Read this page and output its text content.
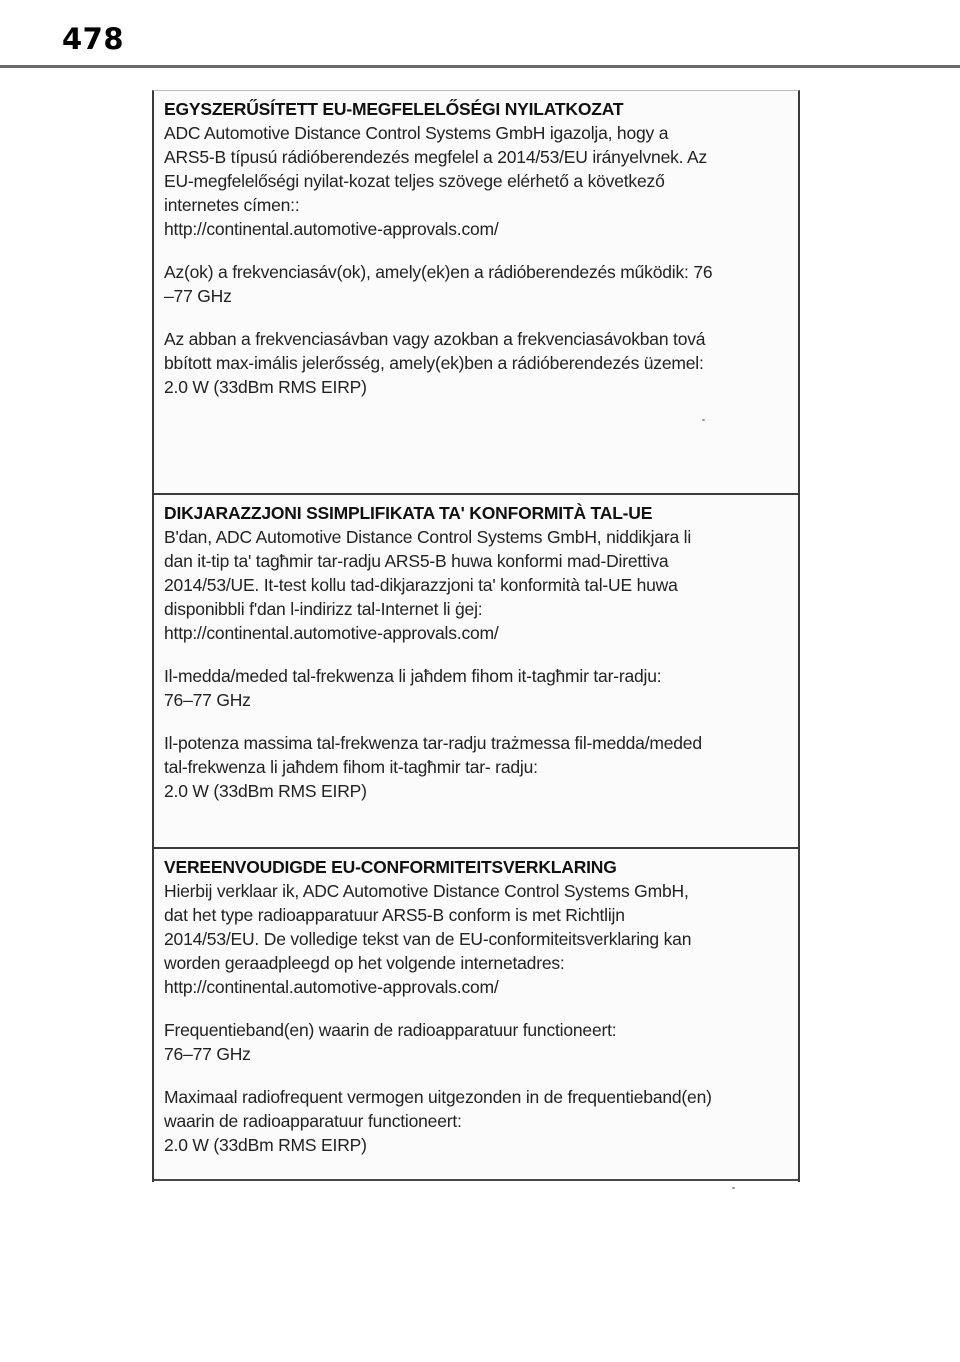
478
EGYSZERŰSÍTETT EU-MEGFELELŐSÉGI NYILATKOZAT
ADC Automotive Distance Control Systems GmbH igazolja, hogy a
ARS5-B típusú rádióberendezés megfelel a 2014/53/EU irányelvnek. Az
EU-megfelelőségi nyilat-kozat teljes szövege elérhető a következő
internetes címen::
http://continental.automotive-approvals.com/
Az(ok) a frekvenciasáv(ok), amely(ek)en a rádióberendezés működik: 76
–77 GHz
Az abban a frekvenciasávban vagy azokban a frekvenciasávokban tová
bbított max-imális jelerősség, amely(ek)ben a rádióberendezés üzemel:
2.0 W (33dBm RMS EIRP)
DIKJARAZZJONI SSIMPLIFIKATA TA' KONFORMITÀ TAL-UE
B'dan, ADC Automotive Distance Control Systems GmbH, niddikjara li
dan it-tip ta' tagħmir tar-radju ARS5-B huwa konformi mad-Direttiva
2014/53/UE. It-test kollu tad-dikjarazzjoni ta' konformità tal-UE huwa
disponibbli f'dan l-indirizz tal-Internet li ġej:
http://continental.automotive-approvals.com/
Il-medda/meded tal-frekwenza li jaħdem fihom it-tagħmir tar-radju:
76–77 GHz
Il-potenza massima tal-frekwenza tar-radju trażmessa fil-medda/meded
tal-frekwenza li jaħdem fihom it-tagħmir tar- radju:
2.0 W (33dBm RMS EIRP)
VEREENVOUDIGDE EU-CONFORMITEITSVERKLARING
Hierbij verklaar ik, ADC Automotive Distance Control Systems GmbH,
dat het type radioapparatuur ARS5-B conform is met Richtlijn
2014/53/EU. De volledige tekst van de EU-conformiteitsverklaring kan
worden geraadpleegd op het volgende internetadres:
http://continental.automotive-approvals.com/
Frequentieband(en) waarin de radioapparatuur functioneert:
76–77 GHz
Maximaal radiofrequent vermogen uitgezonden in de frequentieband(en)
waarin de radioapparatuur functioneert:
2.0 W (33dBm RMS EIRP)
